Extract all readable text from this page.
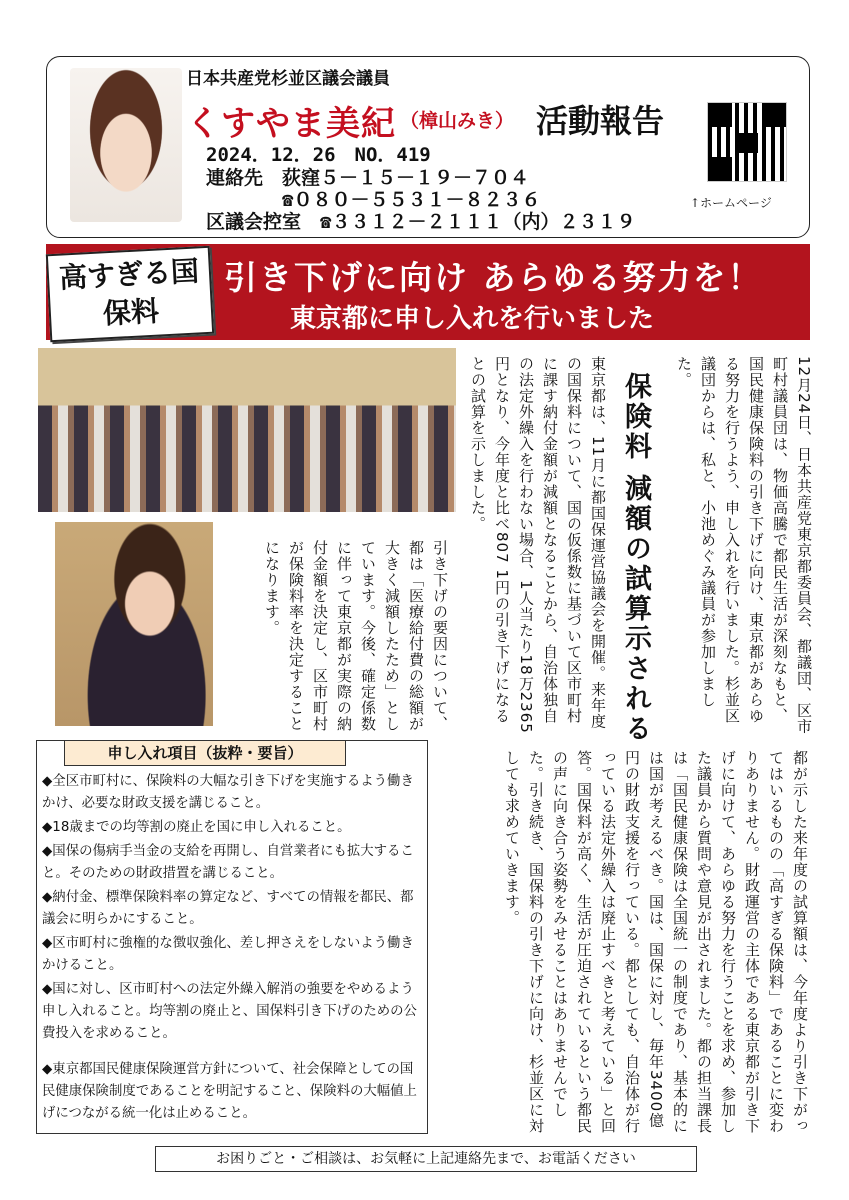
日本共産党杉並区議会議員
くすやま美紀 （樟山みき） 活動報告
2024．12．26　NO．419
連絡先　荻窪５－１５－１９－７０４
　　　　☎０８０－５５３１－８２３６
区議会控室　☎３３１２－２１１１（内）２３１９
↑ホームページ
高すぎる国保料
引き下げに向け あらゆる努力を！
東京都に申し入れを行いました
12月24日、日本共産党東京都委員会、都議団、区市町村議員団は、物価高騰で都民生活が深刻なもと、国民健康保険料の引き下げに向け、東京都があらゆる努力を行うよう、申し入れを行いました。杉並区議団からは、私と、小池めぐみ議員が参加しました。
保険料 減額の試算示される
東京都は、11月に都国保運営協議会を開催。来年度の国保料について、国の仮係数に基づいて区市町村に課す納付金額が減額となることから、自治体独自の法定外繰入を行わない場合、1人当たり18万2365円となり、今年度と比べ807 1円の引き下げになるとの試算を示しました。
引き下げの要因について、都は「医療給付費の総額が大きく減額したため」としています。今後、確定係数に伴って東京都が実際の納付金額を決定し、区市町村が保険料率を決定することになります。
都が示した来年度の試算額は、今年度より引き下がってはいるものの「高すぎる保険料」であることに変わりありません。財政運営の主体である東京都が引き下げに向けて、あらゆる努力を行うことを求め、参加した議員から質問や意見が出されました。都の担当課長は「国民健康保険は全国統一の制度であり、基本的には国が考えるべき。国は、国保に対し、毎年3400億円の財政支援を行っている。都としても、自治体が行っている法定外繰入は廃止すべきと考えている」と回答。国保料が高く、生活が圧迫されているという都民の声に向き合う姿勢をみせることはありませんでした。引き続き、国保料の引き下げに向け、杉並区に対しても求めていきます。
申し入れ項目（抜粋・要旨）
◆全区市町村に、保険料の大幅な引き下げを実施するよう働きかけ、必要な財政支援を講じること。
◆18歳までの均等割の廃止を国に申し入れること。
◆国保の傷病手当金の支給を再開し、自営業者にも拡大すること。そのための財政措置を講じること。
◆納付金、標準保険料率の算定など、すべての情報を都民、都議会に明らかにすること。
◆区市町村に強権的な徴収強化、差し押さえをしないよう働きかけること。
◆国に対し、区市町村への法定外繰入解消の強要をやめるよう申し入れること。均等割の廃止と、国保料引き下げのための公費投入を求めること。
◆東京都国民健康保険運営方針について、社会保障としての国民健康保険制度であることを明記すること、保険料の大幅値上げにつながる統一化は止めること。
お困りごと・ご相談は、お気軽に上記連絡先まで、お電話ください
